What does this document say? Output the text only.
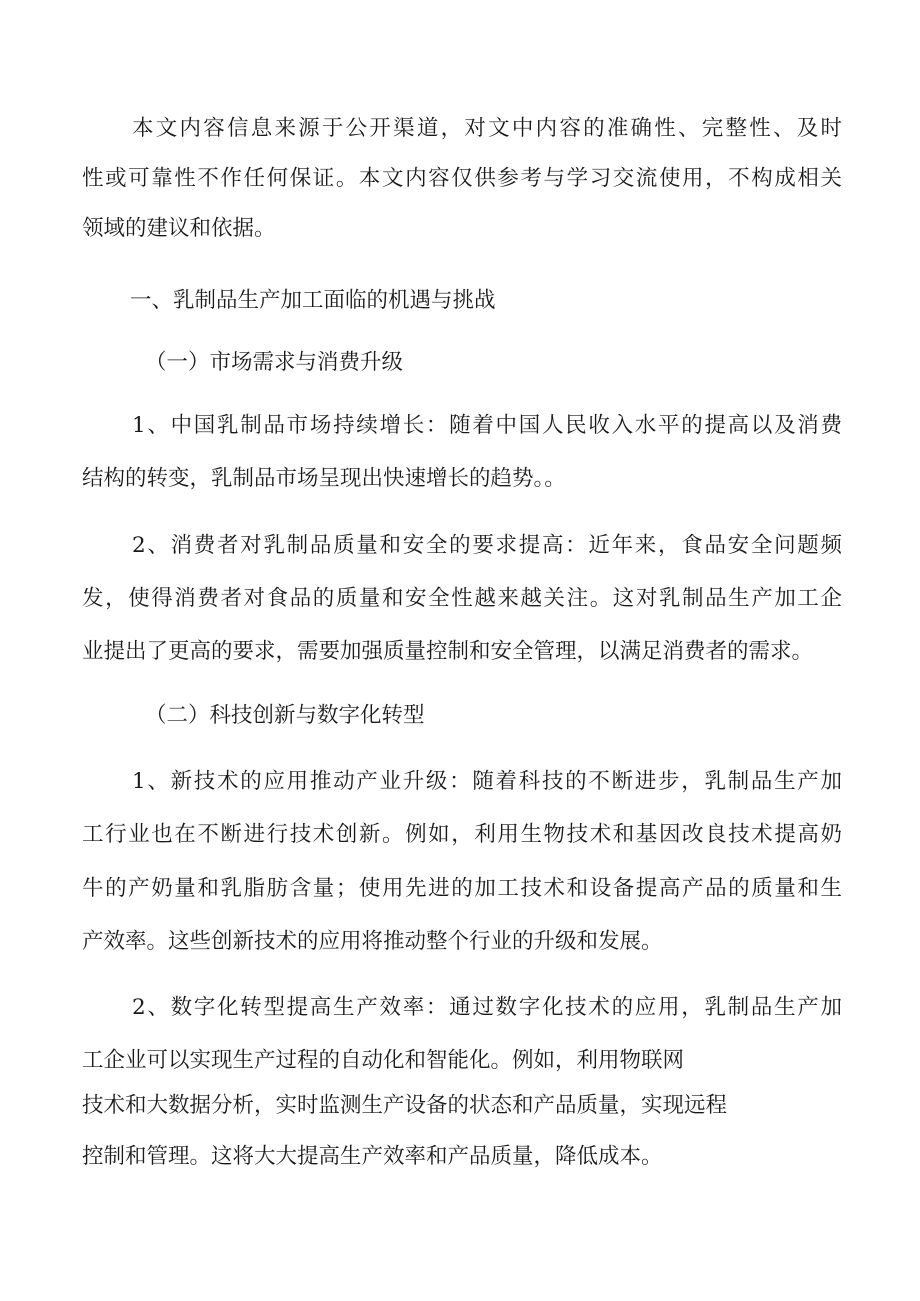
本文内容信息来源于公开渠道，对文中内容的准确性、完整性、及时
性或可靠性不作任何保证。本文内容仅供参考与学习交流使用，不构成相关
领域的建议和依据。
一、乳制品生产加工面临的机遇与挑战
（一）市场需求与消费升级
1、中国乳制品市场持续增长：随着中国人民收入水平的提高以及消费
结构的转变，乳制品市场呈现出快速增长的趋势。。
2、消费者对乳制品质量和安全的要求提高：近年来，食品安全问题频
发，使得消费者对食品的质量和安全性越来越关注。这对乳制品生产加工企
业提出了更高的要求，需要加强质量控制和安全管理，以满足消费者的需求。
（二）科技创新与数字化转型
1、新技术的应用推动产业升级：随着科技的不断进步，乳制品生产加
工行业也在不断进行技术创新。例如，利用生物技术和基因改良技术提高奶
牛的产奶量和乳脂肪含量；使用先进的加工技术和设备提高产品的质量和生
产效率。这些创新技术的应用将推动整个行业的升级和发展。
2、数字化转型提高生产效率：通过数字化技术的应用，乳制品生产加
工企业可以实现生产过程的自动化和智能化。例如，利用物联网
技术和大数据分析，实时监测生产设备的状态和产品质量，实现远程
控制和管理。这将大大提高生产效率和产品质量，降低成本。
